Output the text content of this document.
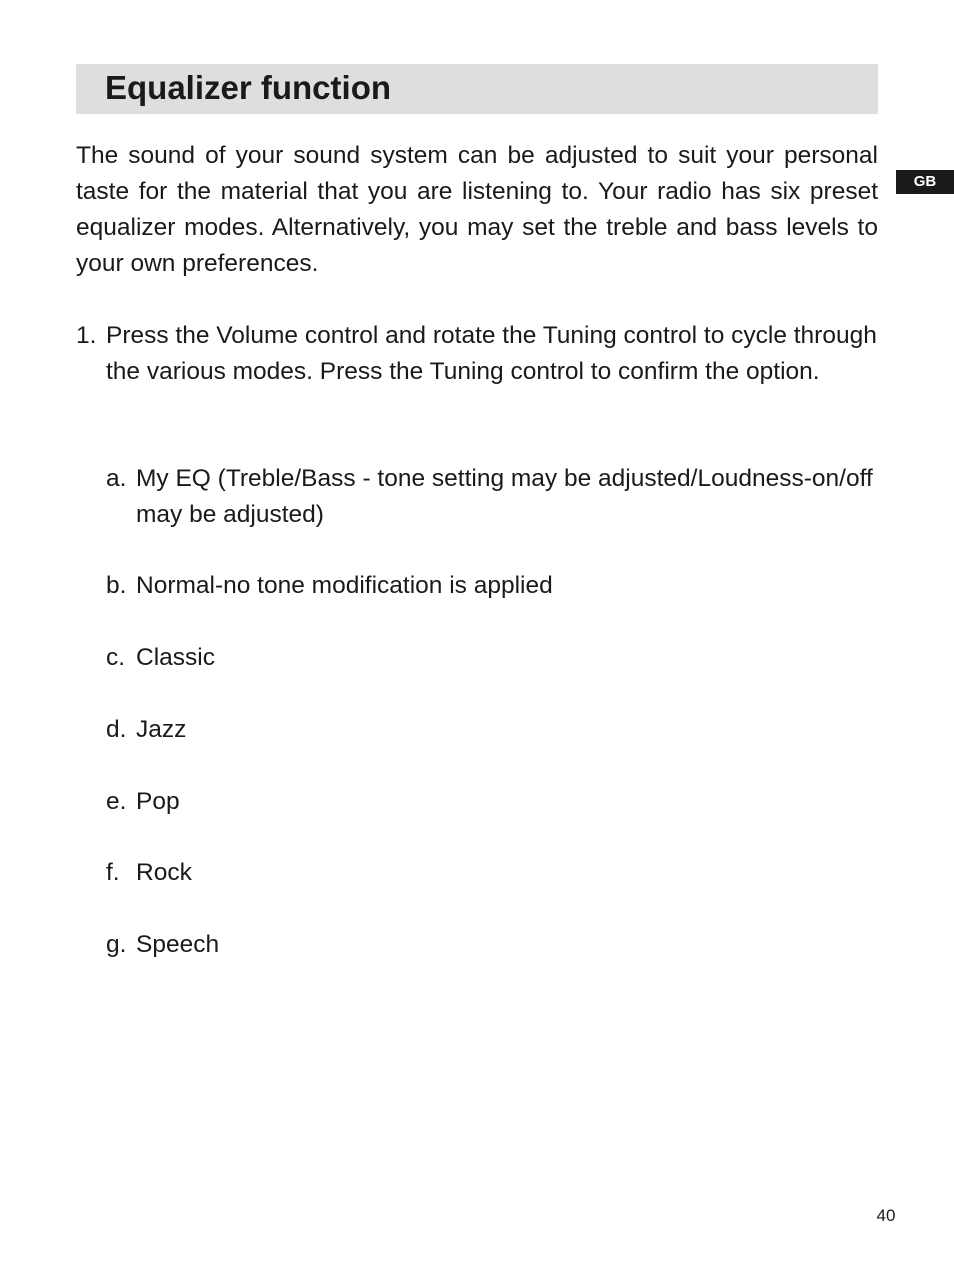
Equalizer function
GB

The sound of your sound system can be adjusted to suit your personal taste for the material that you are listening to. Your radio has six preset equalizer modes. Alternatively, you may set the treble and bass levels to your own preferences.

1. Press the Volume control and rotate the Tuning control to cycle through the various modes. Press the Tuning control to confirm the option.
a. My EQ (Treble/Bass - tone setting may be adjusted/Loudness-on/off may be adjusted)
b. Normal-no tone modification is applied
c. Classic
d. Jazz
e. Pop
f. Rock
g. Speech
40
